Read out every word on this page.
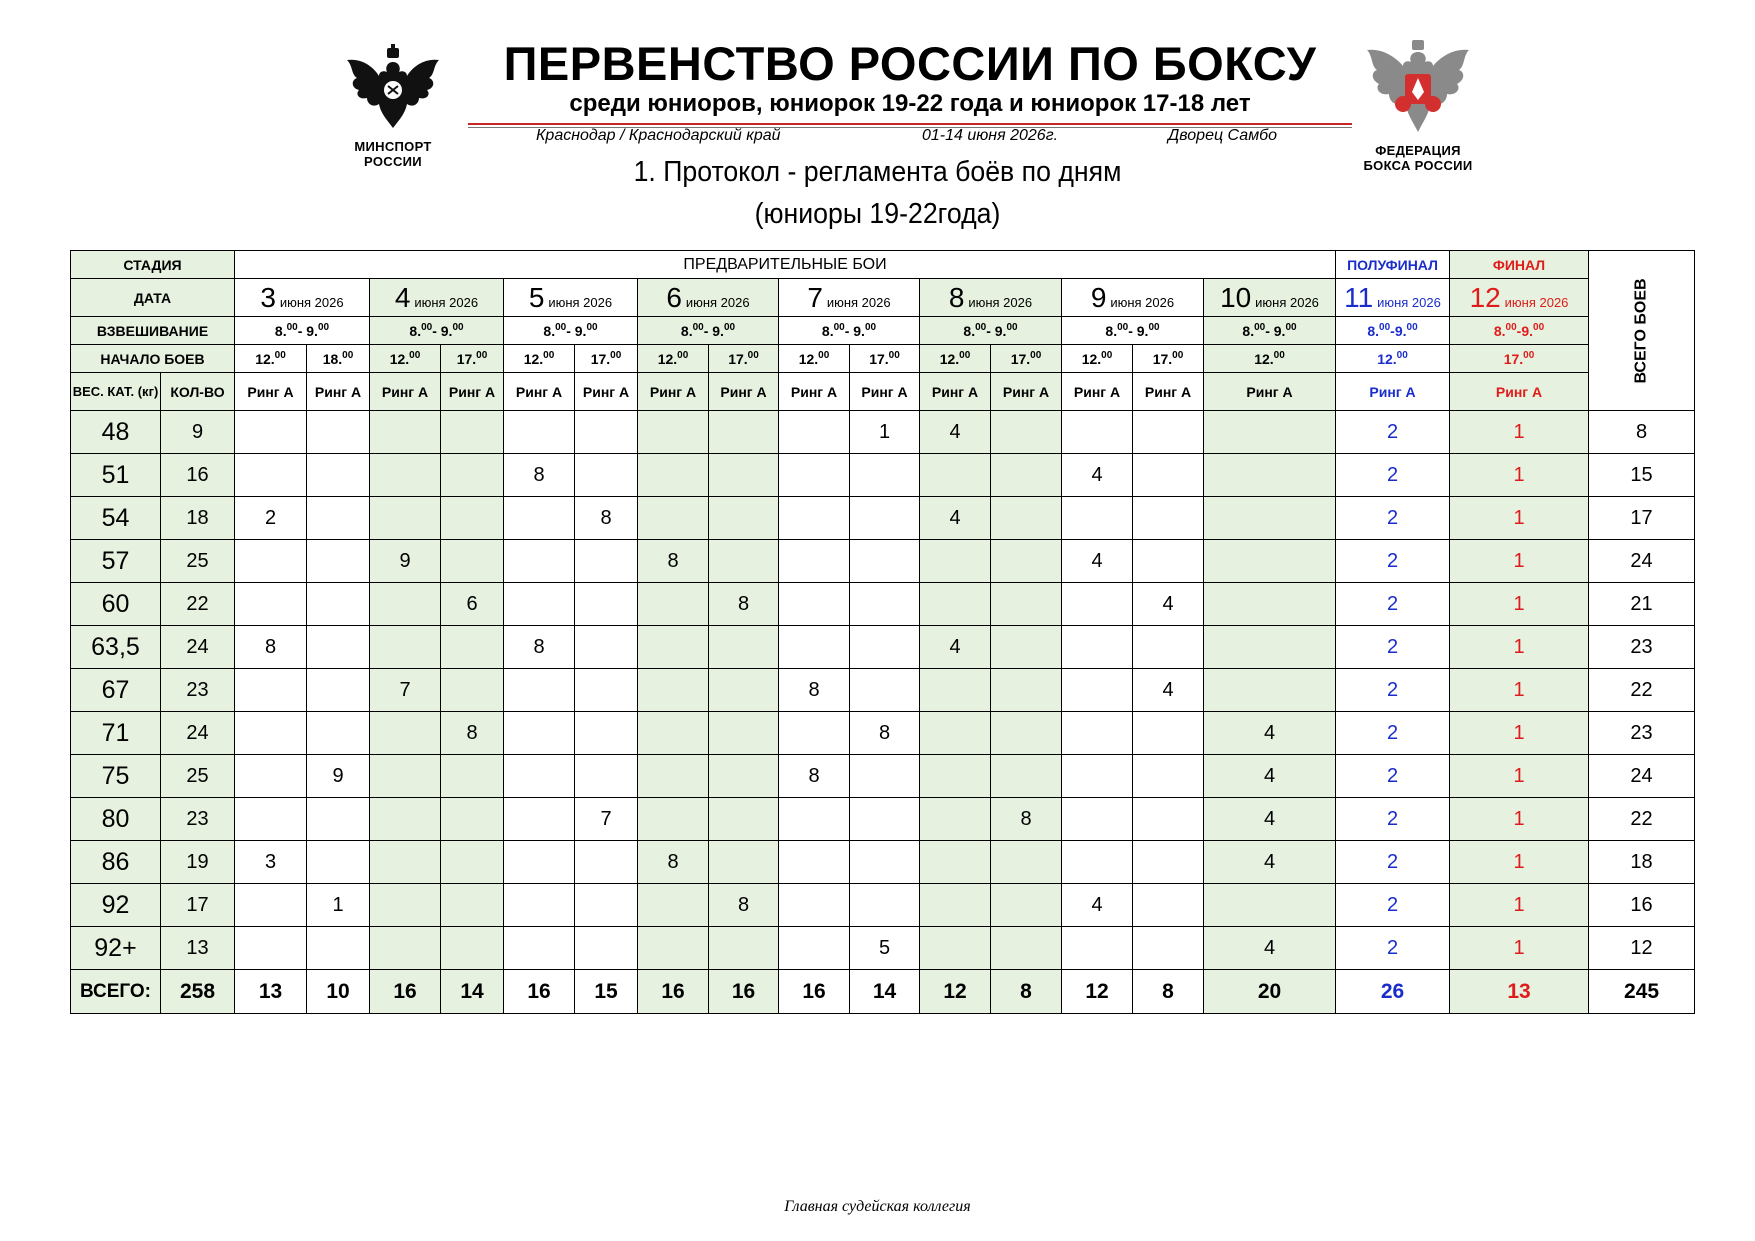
МИНСПОРТ
РОССИИ
ФЕДЕРАЦИЯ
БОКСА РОССИИ
ПЕРВЕНСТВО РОССИИ ПО БОКСУ
среди юниоров, юниорок 19-22 года и юниорок 17-18 лет
Краснодар / Краснодарский край	01-14 июня 2026г.	Дворец Самбо
1. Протокол - регламента боёв по дням
(юниоры 19-22года)
СТАДИЯ		ПРЕДВАРИТЕЛЬНЫЕ БОИ															ПОЛУФИНАЛ	ФИНАЛ	ВСЕГО БОЕВ
ДАТА		3 июня 2026		4 июня 2026		5 июня 2026		6 июня 2026		7 июня 2026		8 июня 2026		9 июня 2026		10 июня 2026	11 июня 2026	12 июня 2026	
ВЗВЕШИВАНИЕ		8.00- 9.00		8.00- 9.00		8.00- 9.00		8.00- 9.00		8.00- 9.00		8.00- 9.00		8.00- 9.00		8.00- 9.00	8.00-9.00	8.00-9.00
НАЧАЛО БОЕВ		12.00	18.00	12.00	17.00	12.00	17.00	12.00	17.00	12.00	17.00	12.00	17.00	12.00	17.00	12.00	12.00	17.00
ВЕС. КАТ. (кг)	КОЛ-ВО	Ринг А	Ринг А	Ринг А	Ринг А	Ринг А	Ринг А	Ринг А	Ринг А	Ринг А	Ринг А	Ринг А	Ринг А	Ринг А	Ринг А	Ринг А	Ринг А	Ринг А	
48	9										1	4					2	1	8
51	16					8								4			2	1	15
54	18	2					8					4					2	1	17
57	25			9				8						4			2	1	24
60	22				6				8						4		2	1	21
63,5	24	8				8						4					2	1	23
67	23			7						8					4		2	1	22
71	24				8						8					4	2	1	23
75	25		9							8						4	2	1	24
80	23						7						8			4	2	1	22
86	19	3						8								4	2	1	18
92	17		1						8					4			2	1	16
92+	13										5					4	2	1	12
ВСЕГО:	258	13	10	16	14	16	15	16	16	16	14	12	8	12	8	20	26	13	245
Главная судейская коллегия
